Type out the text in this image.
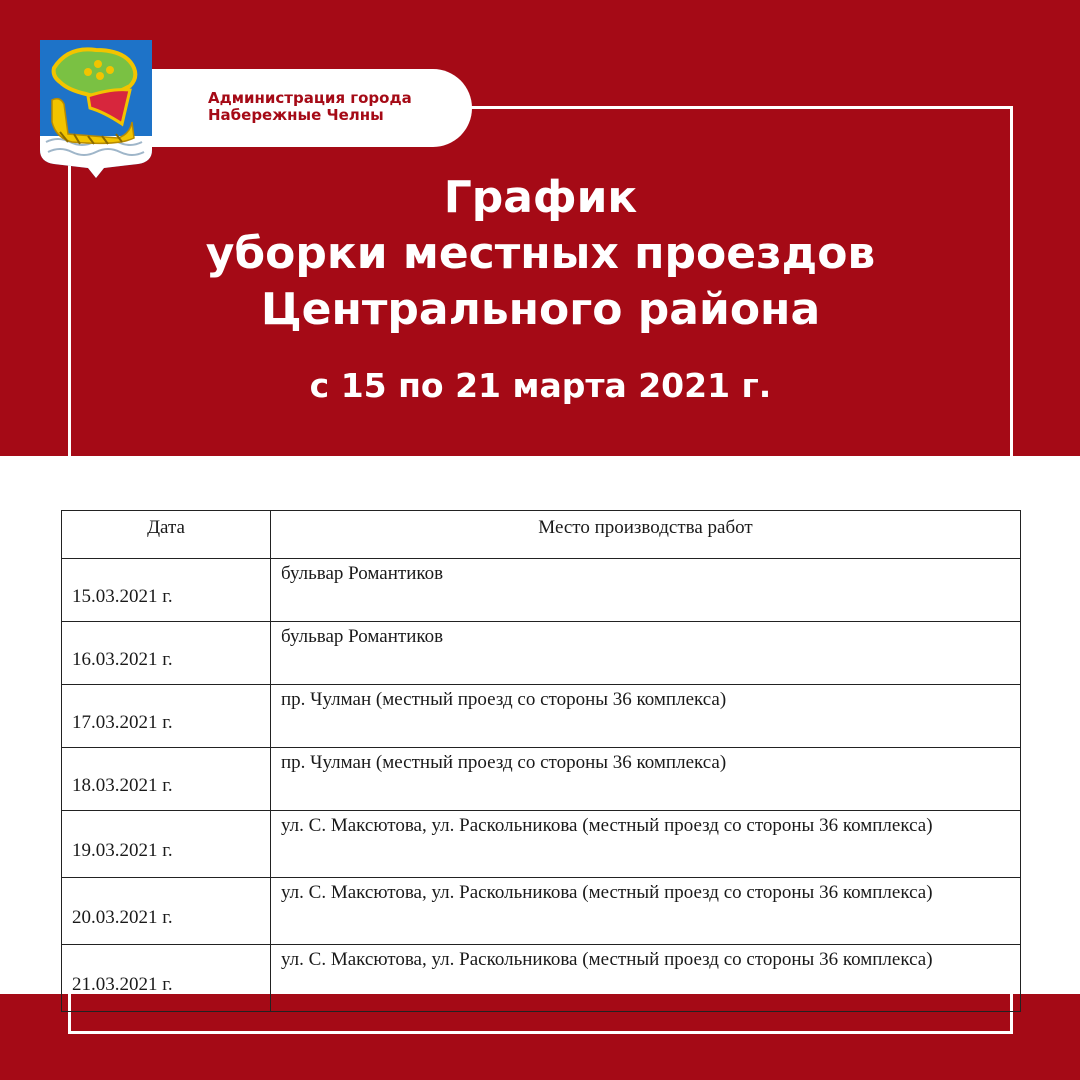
Администрация города
Набережные Челны
График
уборки местных проездов
Центрального района
с 15 по 21 марта 2021 г.
Дата	Место производства работ
15.03.2021 г.	бульвар Романтиков
16.03.2021 г.	бульвар Романтиков
17.03.2021 г.	пр. Чулман (местный проезд со стороны 36 комплекса)
18.03.2021 г.	пр. Чулман (местный проезд со стороны 36 комплекса)
19.03.2021 г.	ул. С. Максютова, ул. Раскольникова (местный проезд со стороны 36 комплекса)
20.03.2021 г.	ул. С. Максютова, ул. Раскольникова (местный проезд со стороны 36 комплекса)
21.03.2021 г.	ул. С. Максютова, ул. Раскольникова (местный проезд со стороны 36 комплекса)
